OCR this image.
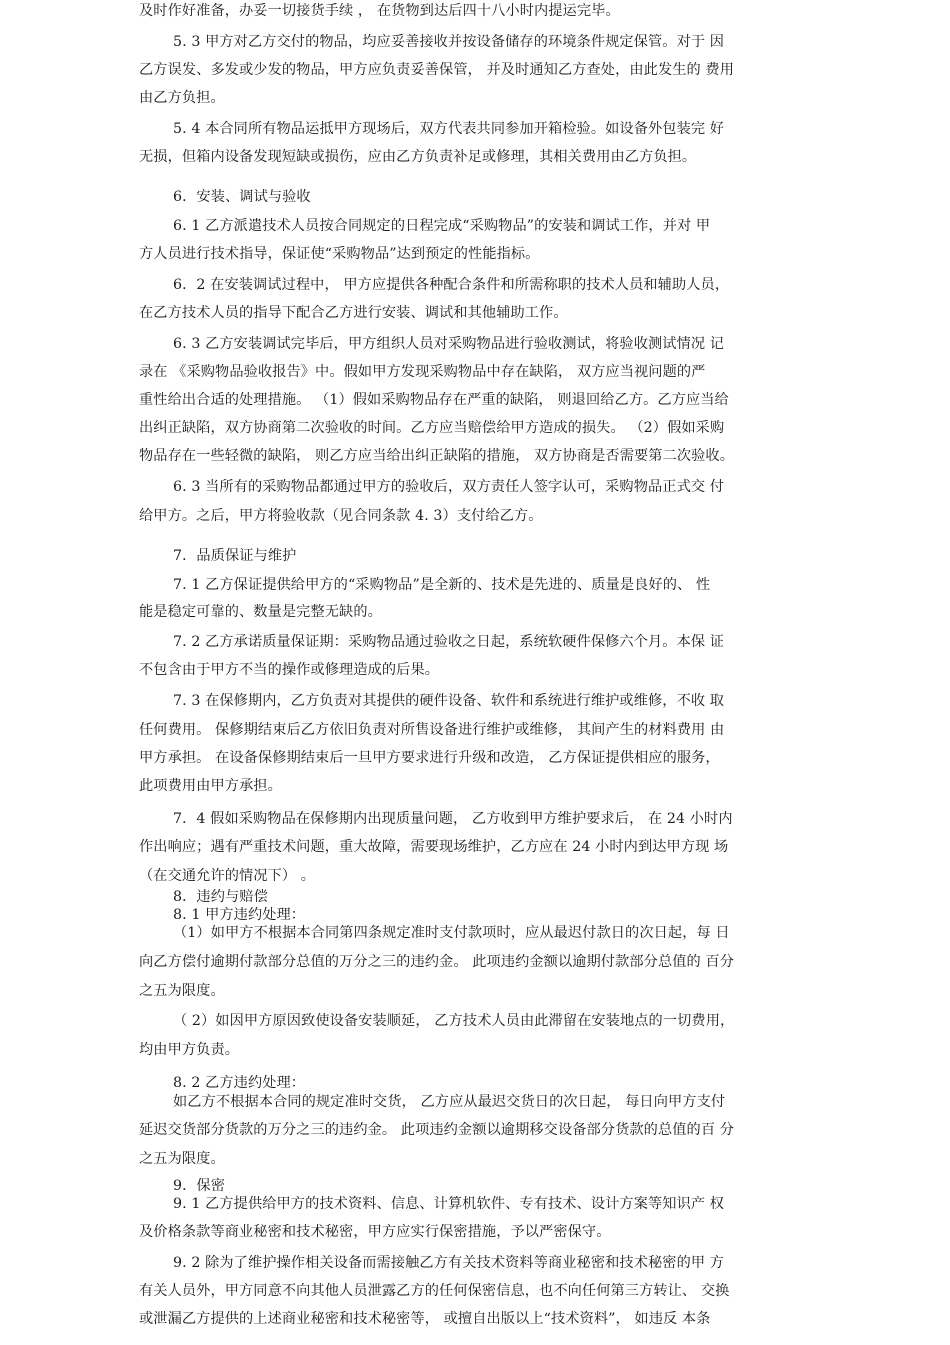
及时作好准备，办妥一切接货手续 ， 在货物到达后四十八小时内提运完毕。
5. 3 甲方对乙方交付的物品，均应妥善接收并按设备储存的环境条件规定保管。对于 因
乙方误发、多发或少发的物品，甲方应负责妥善保管， 并及时通知乙方查处，由此发生的 费用
由乙方负担。
5. 4 本合同所有物品运抵甲方现场后，双方代表共同参加开箱检验。如设备外包装完 好
无损，但箱内设备发现短缺或损伤，应由乙方负责补足或修理，其相关费用由乙方负担。
6．安装、调试与验收
6. 1 乙方派遣技术人员按合同规定的日程完成“采购物品”的安装和调试工作，并对 甲
方人员进行技术指导，保证使“采购物品”达到预定的性能指标。
6．2 在安装调试过程中， 甲方应提供各种配合条件和所需称职的技术人员和辅助人员，
在乙方技术人员的指导下配合乙方进行安装、调试和其他辅助工作。
6. 3 乙方安装调试完毕后，甲方组织人员对采购物品进行验收测试，将验收测试情况 记
录在 《采购物品验收报告》中。假如甲方发现采购物品中存在缺陷， 双方应当视问题的严
重性给出合适的处理措施。 （1）假如采购物品存在严重的缺陷， 则退回给乙方。乙方应当给
出纠正缺陷，双方协商第二次验收的时间。乙方应当赔偿给甲方造成的损失。 （2）假如采购
物品存在一些轻微的缺陷， 则乙方应当给出纠正缺陷的措施， 双方协商是否需要第二次验收。
6. 3 当所有的采购物品都通过甲方的验收后，双方责任人签字认可，采购物品正式交 付
给甲方。之后，甲方将验收款（见合同条款 4. 3）支付给乙方。
7．品质保证与维护
7. 1 乙方保证提供给甲方的“采购物品”是全新的、技术是先进的、质量是良好的、 性
能是稳定可靠的、数量是完整无缺的。
7. 2 乙方承诺质量保证期：采购物品通过验收之日起，系统软硬件保修六个月。本保 证
不包含由于甲方不当的操作或修理造成的后果。
7. 3 在保修期内，乙方负责对其提供的硬件设备、软件和系统进行维护或维修，不收 取
任何费用。 保修期结束后乙方依旧负责对所售设备进行维护或维修， 其间产生的材料费用 由
甲方承担。 在设备保修期结束后一旦甲方要求进行升级和改造， 乙方保证提供相应的服务，
此项费用由甲方承担。
7．4 假如采购物品在保修期内出现质量问题， 乙方收到甲方维护要求后， 在 24 小时内
作出响应；遇有严重技术问题，重大故障，需要现场维护，乙方应在 24 小时内到达甲方现 场
（在交通允许的情况下） 。
8．违约与赔偿
8. 1 甲方违约处理：
（1）如甲方不根据本合同第四条规定准时支付款项时，应从最迟付款日的次日起，每 日
向乙方偿付逾期付款部分总值的万分之三的违约金。 此项违约金额以逾期付款部分总值的 百分
之五为限度。
（ 2）如因甲方原因致使设备安装顺延， 乙方技术人员由此滞留在安装地点的一切费用，
均由甲方负责。
8. 2 乙方违约处理：
如乙方不根据本合同的规定准时交货， 乙方应从最迟交货日的次日起， 每日向甲方支付
延迟交货部分货款的万分之三的违约金。 此项违约金额以逾期移交设备部分货款的总值的百 分
之五为限度。
9．保密
9. 1 乙方提供给甲方的技术资料、信息、计算机软件、专有技术、设计方案等知识产 权
及价格条款等商业秘密和技术秘密，甲方应实行保密措施，予以严密保守。
9. 2 除为了维护操作相关设备而需接触乙方有关技术资料等商业秘密和技术秘密的甲 方
有关人员外，甲方同意不向其他人员泄露乙方的任何保密信息，也不向任何第三方转让、 交换
或泄漏乙方提供的上述商业秘密和技术秘密等， 或擅自出版以上“技术资料”， 如违反 本条
